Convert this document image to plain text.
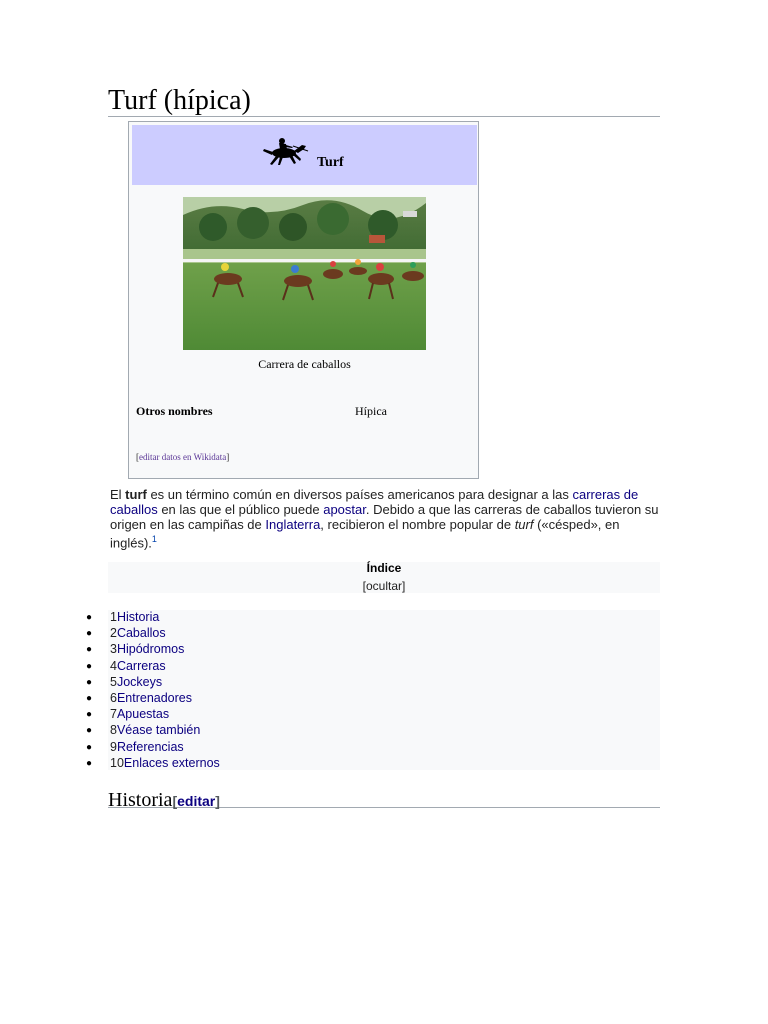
Turf (hípica)
Turf
Carrera de caballos
Otros nombres	Hípica
[editar datos en Wikidata]

El turf es un término común en diversos países americanos para designar a las carreras de caballos en las que el público puede apostar. Debido a que las carreras de caballos tuvieron su origen en las campiñas de Inglaterra, recibieron el nombre popular de turf («césped», en inglés).$^1$

Índice
[ocultar]
● 1Historia
● 2Caballos
● 3Hipódromos
● 4Carreras
● 5Jockeys
● 6Entrenadores
● 7Apuestas
● 8Véase también
● 9Referencias
● 10Enlaces externos
Historia[editar]
